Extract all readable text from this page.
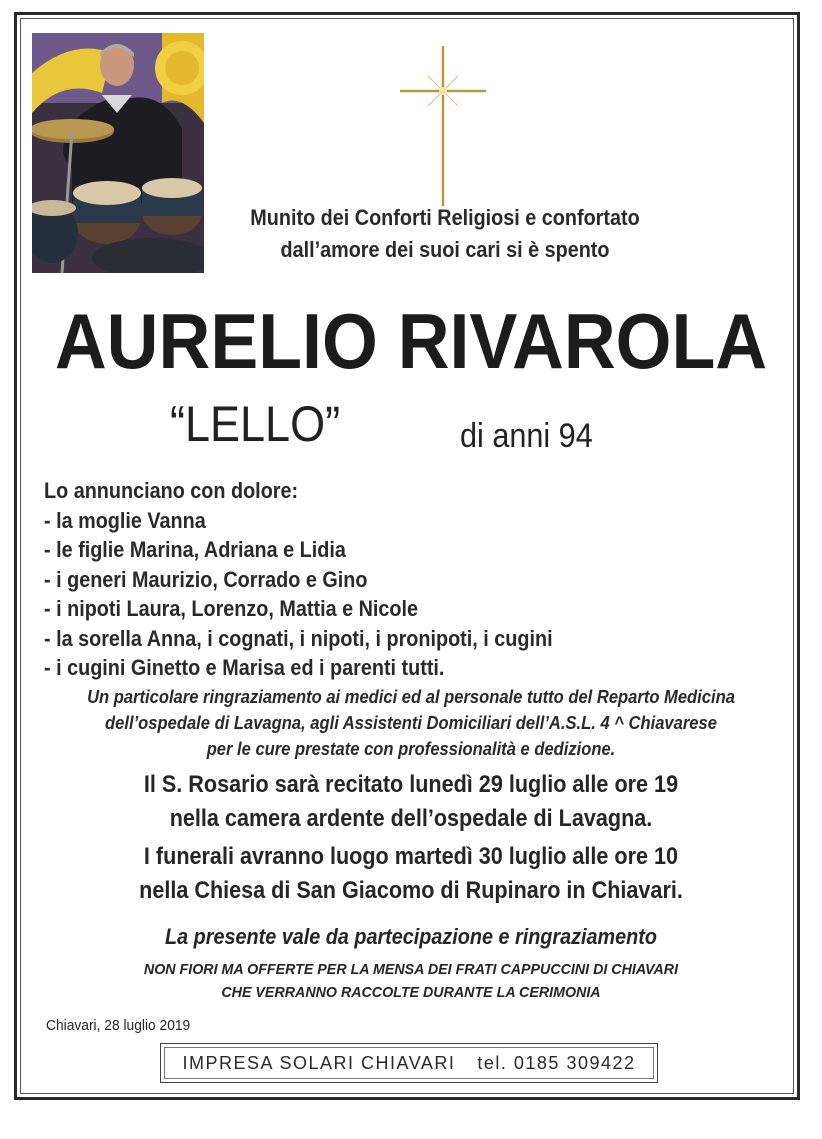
Munito dei Conforti Religiosi e confortato
dall’amore dei suoi cari si è spento
AURELIO RIVAROLA
“LELLO”	di anni 94
Lo annunciano con dolore:
- la moglie Vanna
- le figlie Marina, Adriana e Lidia
- i generi Maurizio, Corrado e Gino
- i nipoti Laura, Lorenzo, Mattia e Nicole
- la sorella Anna, i cognati, i nipoti, i pronipoti, i cugini
- i cugini Ginetto e Marisa ed i parenti tutti.
Un particolare ringraziamento ai medici ed al personale tutto del Reparto Medicina
dell’ospedale di Lavagna, agli Assistenti Domiciliari dell’A.S.L. 4 ^ Chiavarese
per le cure prestate con professionalità e dedizione.
Il S. Rosario sarà recitato lunedì 29 luglio alle ore 19
nella camera ardente dell’ospedale di Lavagna.
I funerali avranno luogo martedì 30 luglio alle ore 10
nella Chiesa di San Giacomo di Rupinaro in Chiavari.
La presente vale da partecipazione e ringraziamento
NON FIORI MA OFFERTE PER LA MENSA DEI FRATI CAPPUCCINI DI CHIAVARI
CHE VERRANNO RACCOLTE DURANTE LA CERIMONIA
Chiavari, 28 luglio 2019
IMPRESA SOLARI CHIAVARI tel. 0185 309422
